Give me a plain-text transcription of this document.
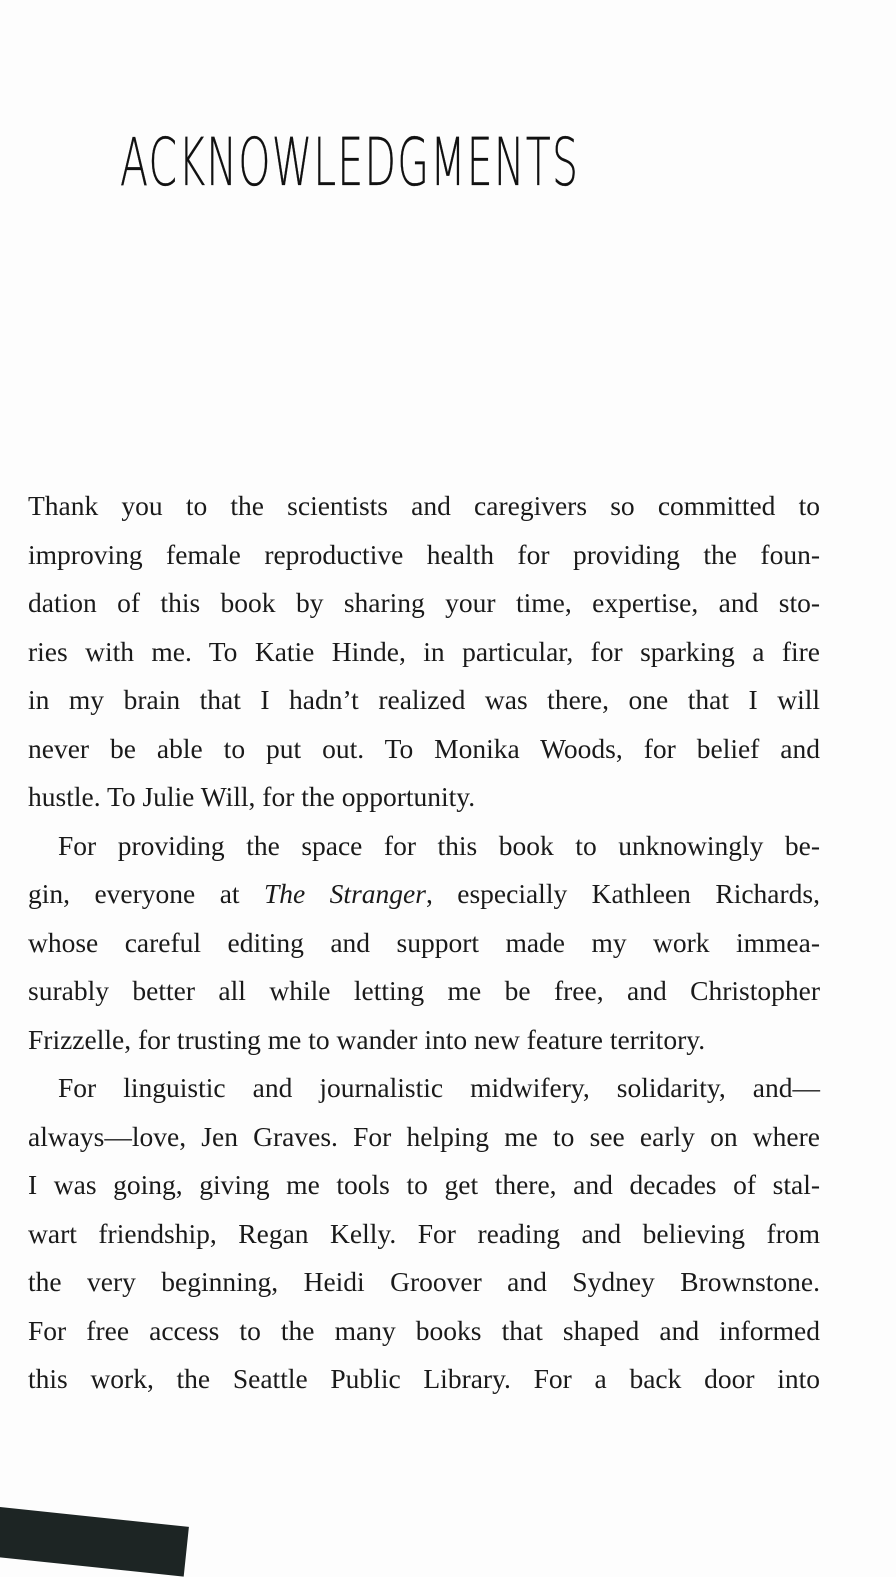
ACKNOWLEDGMENTS
Thank you to the scientists and caregivers so committed to
improving female reproductive health for providing the foun-
dation of this book by sharing your time, expertise, and sto-
ries with me. To Katie Hinde, in particular, for sparking a fire
in my brain that I hadn’t realized was there, one that I will
never be able to put out. To Monika Woods, for belief and
hustle. To Julie Will, for the opportunity.
For providing the space for this book to unknowingly be-
gin, everyone at The Stranger, especially Kathleen Richards,
whose careful editing and support made my work immea-
surably better all while letting me be free, and Christopher
Frizzelle, for trusting me to wander into new feature territory.
For linguistic and journalistic midwifery, solidarity, and—
always—love, Jen Graves. For helping me to see early on where
I was going, giving me tools to get there, and decades of stal-
wart friendship, Regan Kelly. For reading and believing from
the very beginning, Heidi Groover and Sydney Brownstone.
For free access to the many books that shaped and informed
this work, the Seattle Public Library. For a back door into
